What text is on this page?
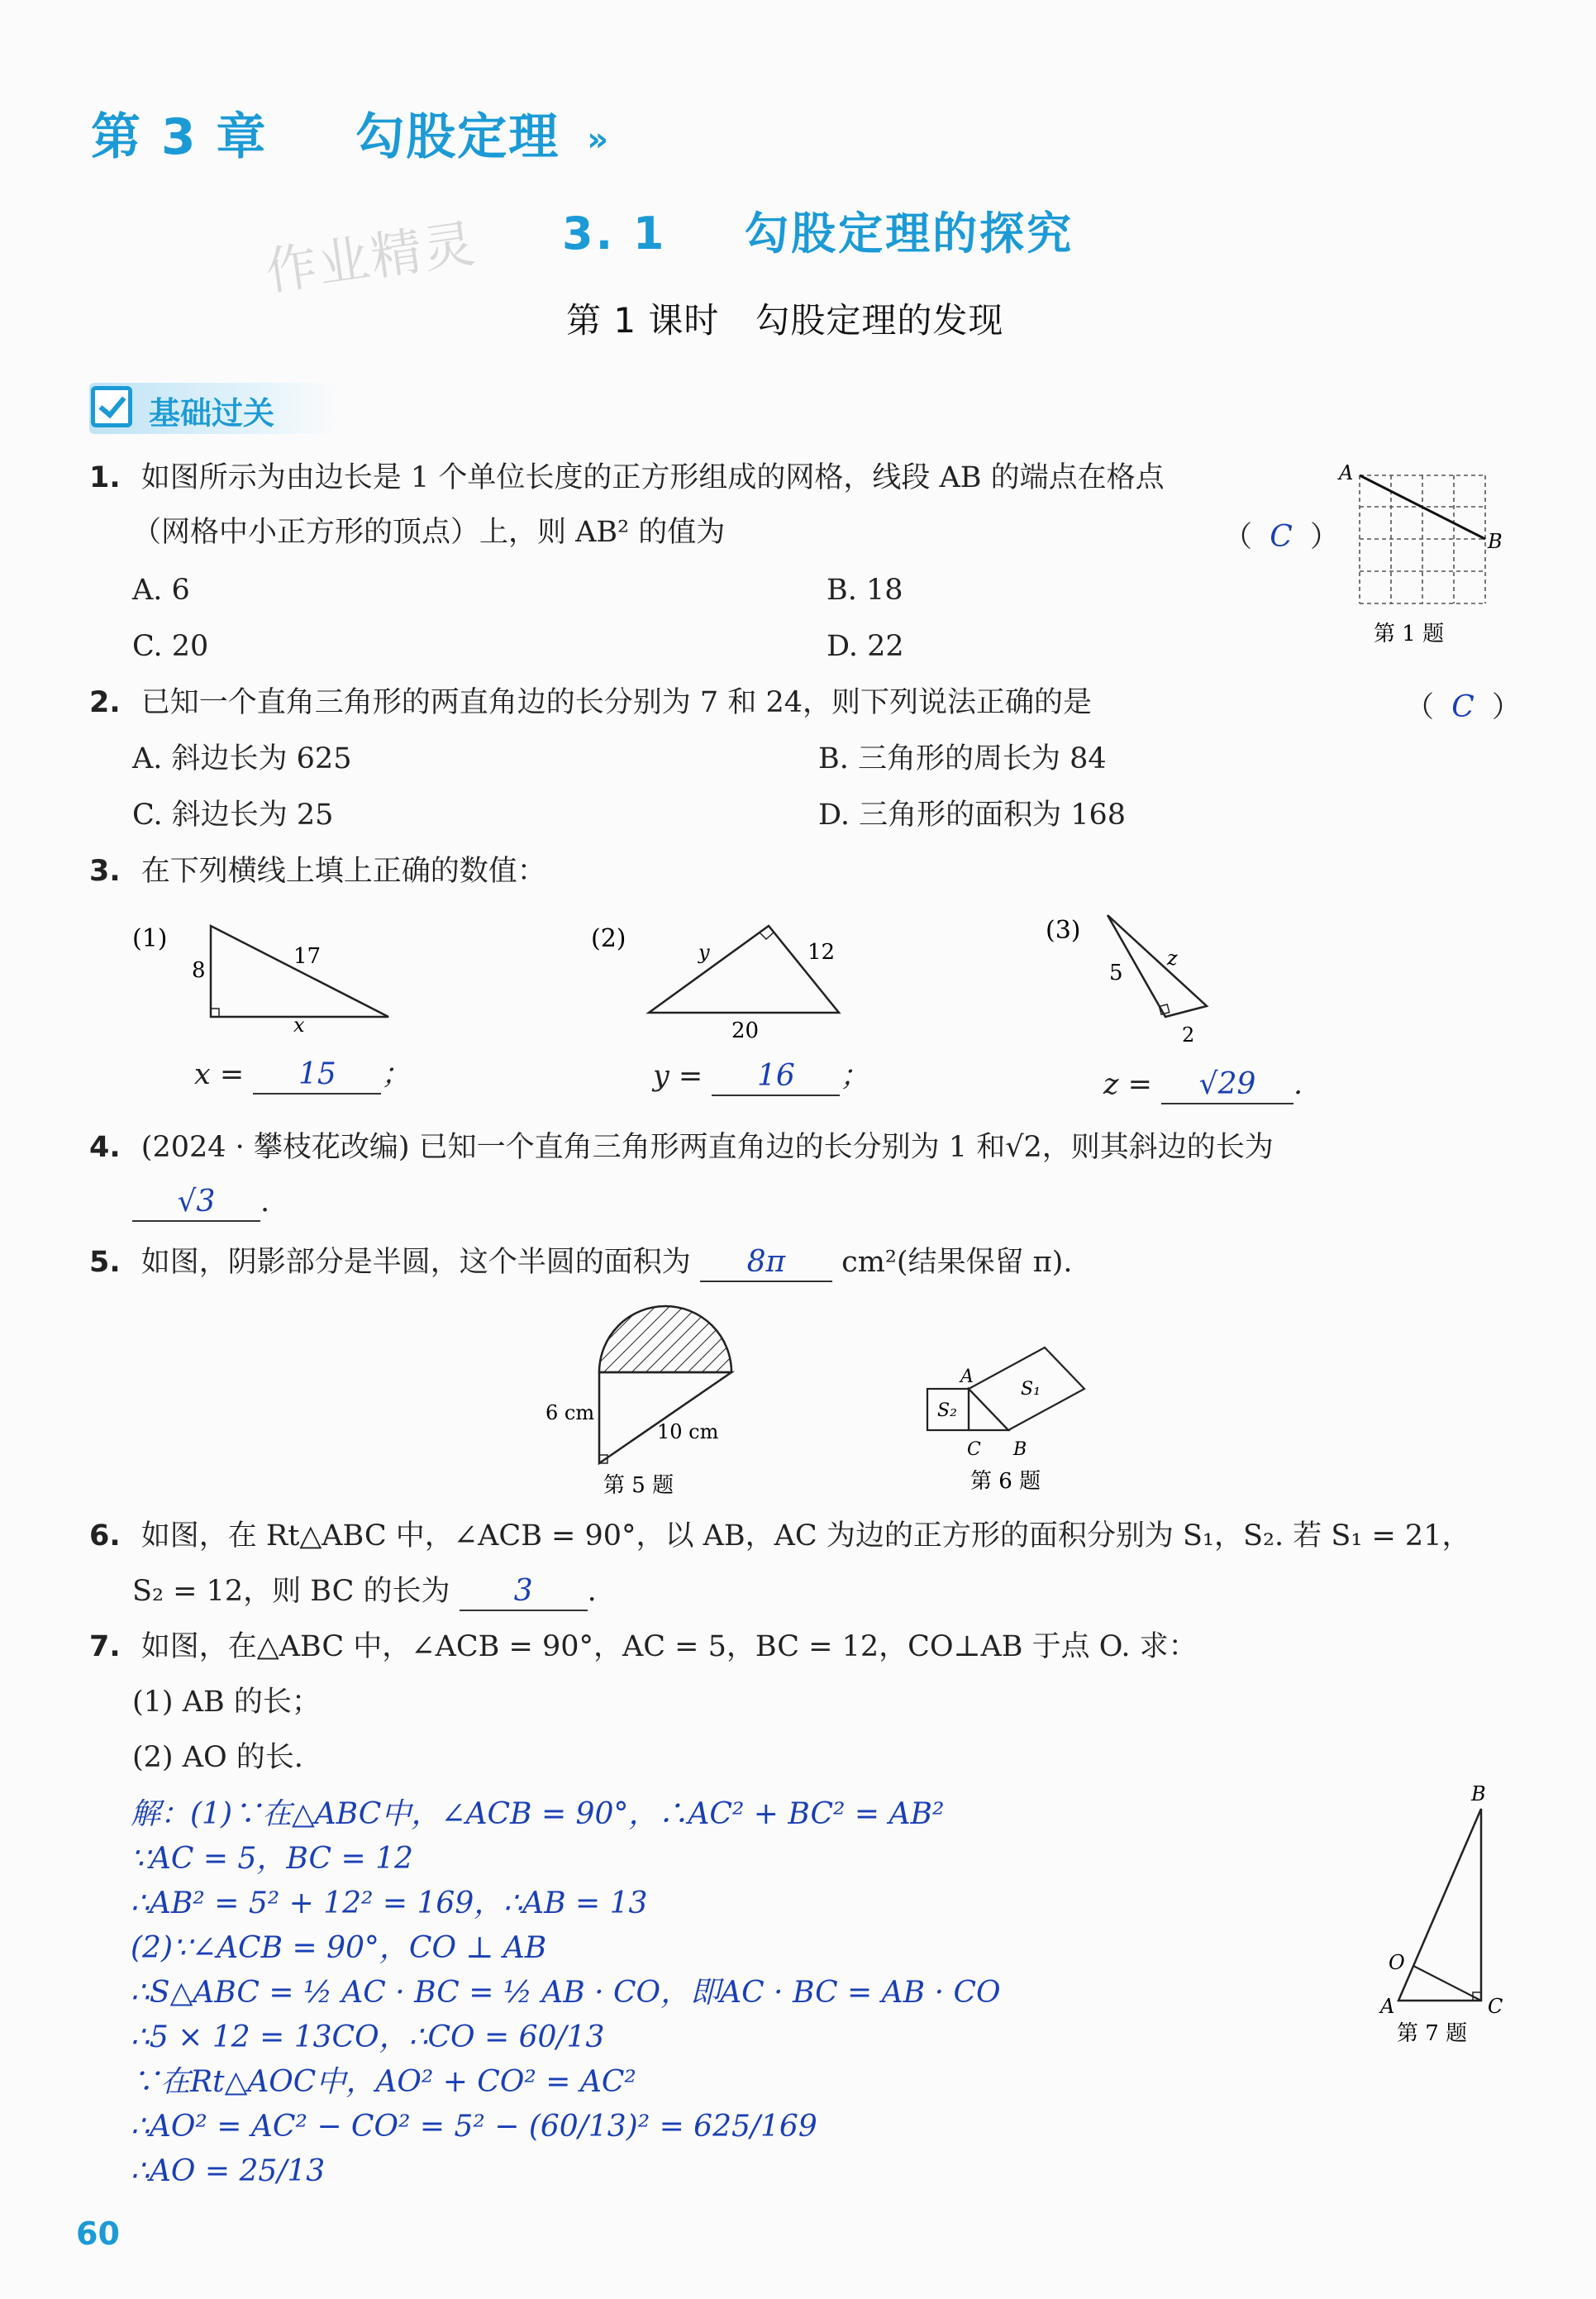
第 3 章 勾股定理 »
作业精灵 3. 1 勾股定理的探究
第 1 课时　勾股定理的发现
基础过关
1. 如图所示为由边长是 1 个单位长度的正方形组成的网格，线段 AB 的端点在格点
（网格中小正方形的顶点）上，则 AB² 的值为	（ C ）
A. 6	B. 18
C. 20	D. 22
A
B
第 1 题
2. 已知一个直角三角形的两直角边的长分别为 7 和 24，则下列说法正确的是	（ C ）
A. 斜边长为 625	B. 三角形的周长为 84
C. 斜边长为 25	D. 三角形的面积为 168
3. 在下列横线上填上正确的数值：
(1)
8
17
x
x = 15 ；
(2)	y	12
20
y = 16 ；
(3)
5
z
2
z = √29 .
4. (2024 · 攀枝花改编) 已知一个直角三角形两直角边的长分别为 1 和√2，则其斜边的长为
√3 .
5. 如图，阴影部分是半圆，这个半圆的面积为 8π cm²(结果保留 π).
6 cm
10 cm
第 5 题
A
B
C
S₁
S₂
第 6 题
6. 如图，在 Rt△ABC 中，∠ACB = 90°，以 AB，AC 为边的正方形的面积分别为 S₁，S₂. 若 S₁ = 21，
S₂ = 12，则 BC 的长为 3 .
7. 如图，在△ABC 中，∠ACB = 90°，AC = 5，BC = 12，CO⊥AB 于点 O. 求：
(1) AB 的长；
(2) AO 的长.
解：(1)∵在△ABC中，∠ACB = 90°，∴AC² + BC² = AB²
∵AC = 5，BC = 12
∴AB² = 5² + 12² = 169，∴AB = 13
(2)∵∠ACB = 90°，CO ⊥ AB
∴S△ABC = ½ AC · BC = ½ AB · CO，即AC · BC = AB · CO
∴5 × 12 = 13CO，∴CO = 60/13
∵在Rt△AOC中，AO² + CO² = AC²
∴AO² = AC² − CO² = 5² − (60/13)² = 625/169
∴AO = 25/13
B
A	C
O
第 7 题
60
